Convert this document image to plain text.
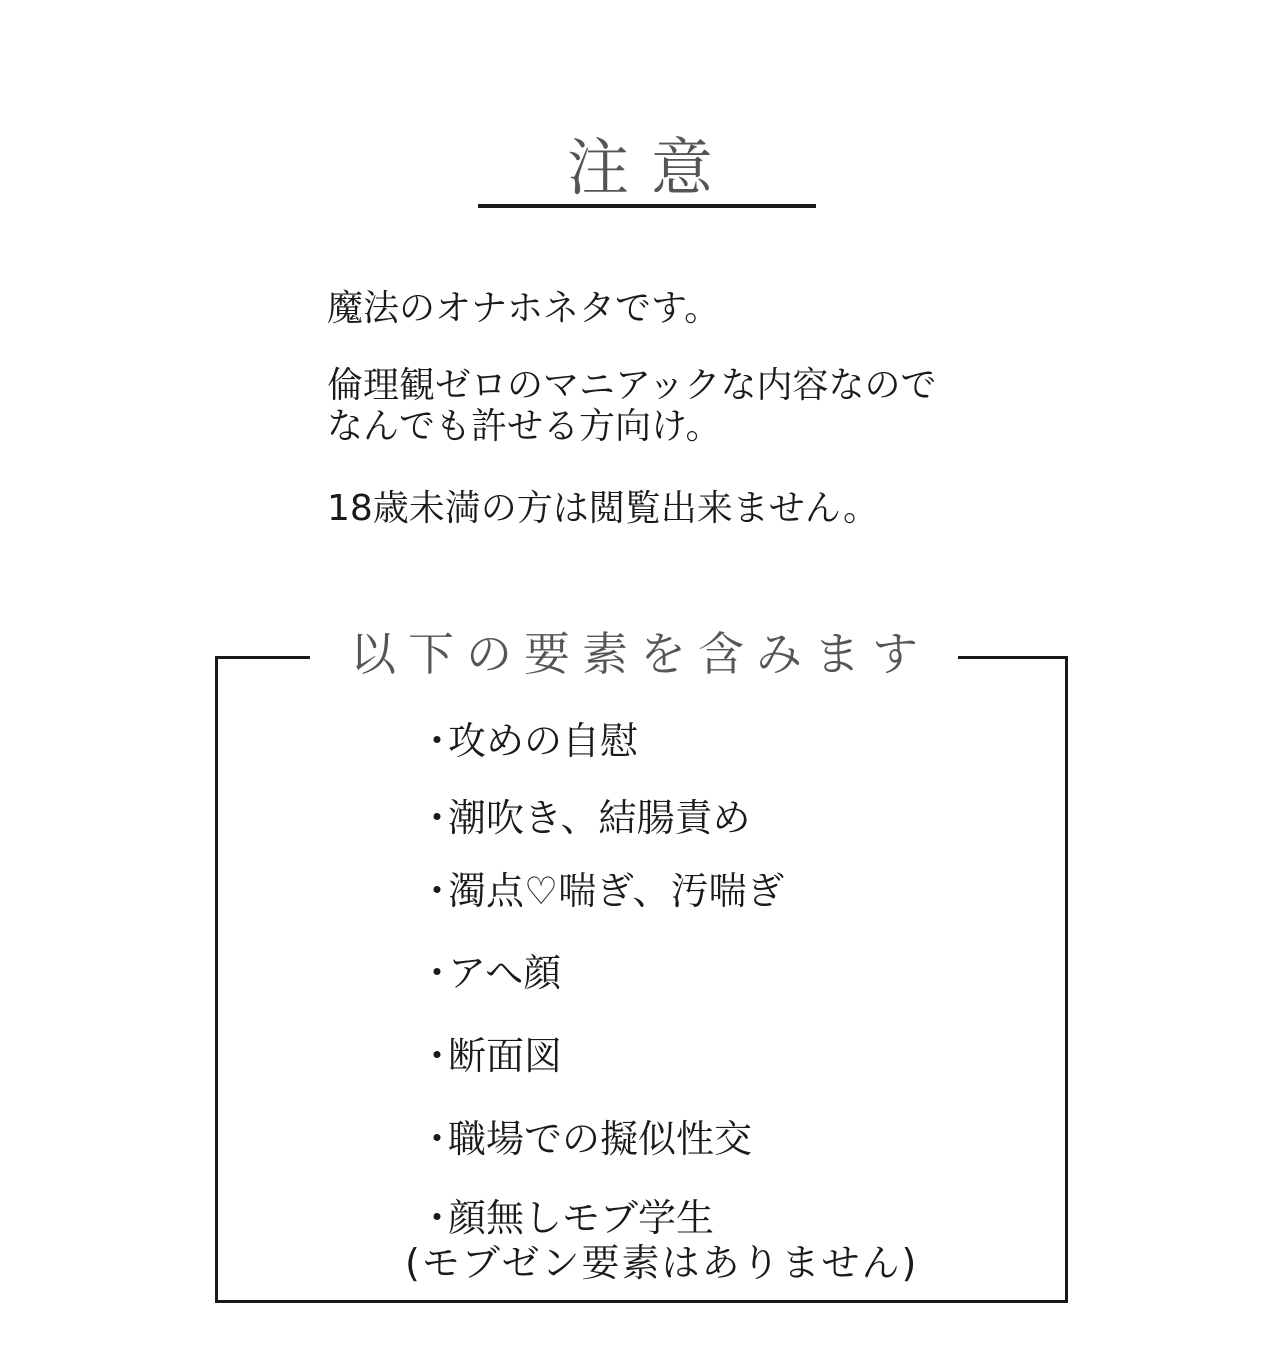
注意
魔法のオナホネタです。
倫理観ゼロのマニアックな内容なので
なんでも許せる方向け。
18歳未満の方は閲覧出来ません。
以下の要素を含みます
・攻めの自慰
・潮吹き、結腸責め
・濁点♡喘ぎ、汚喘ぎ
・アへ顔
・断面図
・職場での擬似性交
・顔無しモブ学生
(モブゼン要素はありません)
